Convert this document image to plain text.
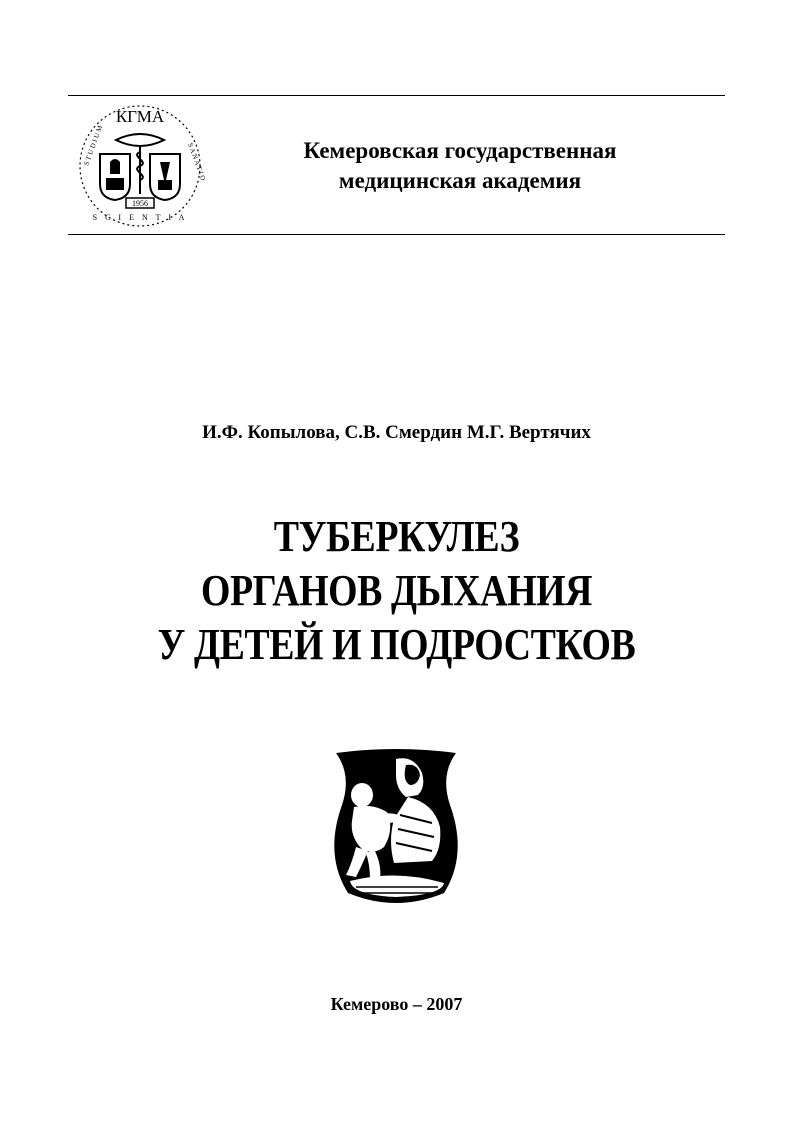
КГМА
S C I E N T I A
S T U D I U M	S A N A T I O
1956
Кемеровская государственная
медицинская академия
И.Ф. Копылова, С.В. Смердин М.Г. Вертячих
ТУБЕРКУЛЕЗ
ОРГАНОВ ДЫХАНИЯ
У ДЕТЕЙ И ПОДРОСТКОВ
Кемерово – 2007
